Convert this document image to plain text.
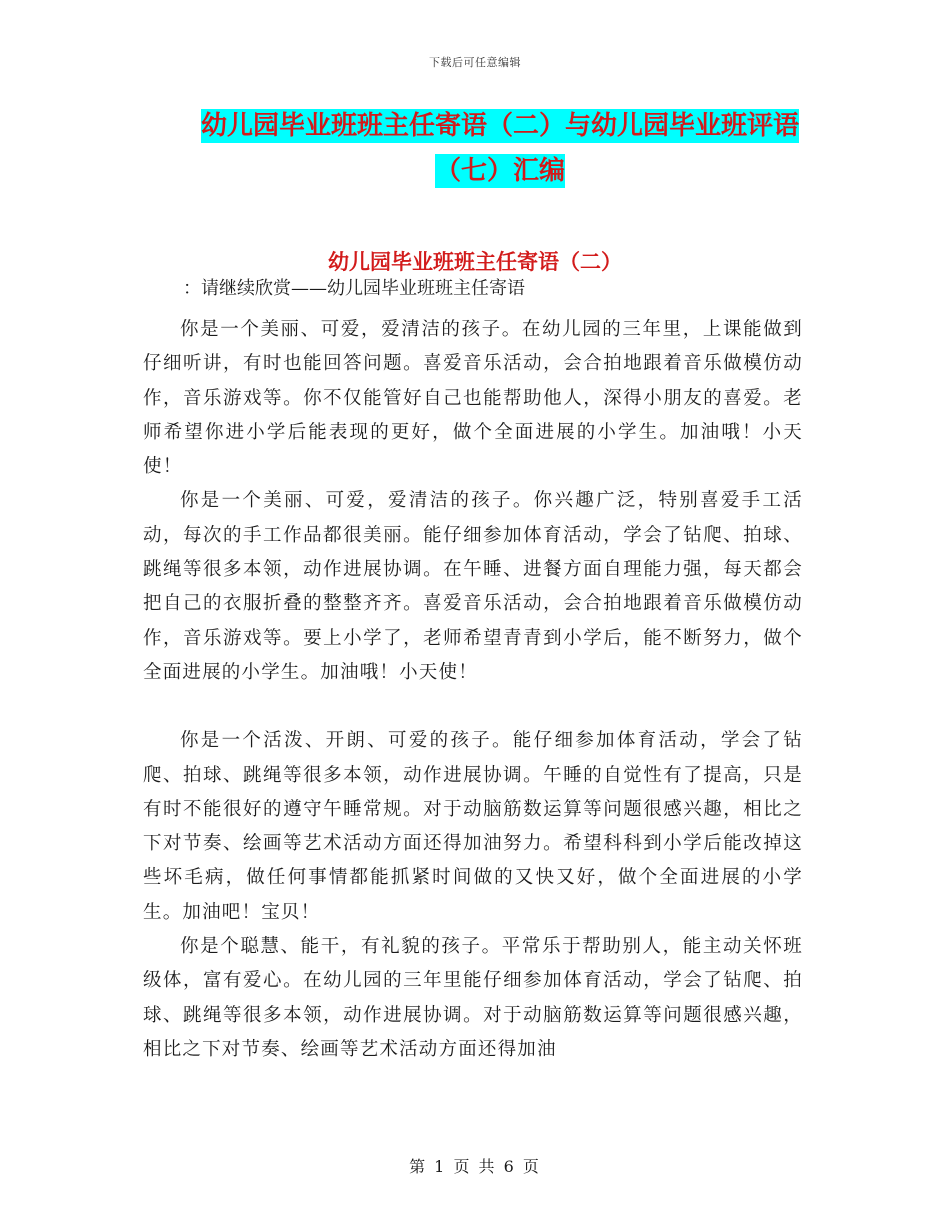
下载后可任意编辑
幼儿园毕业班班主任寄语（二）与幼儿园毕业班评语
（七）汇编
幼儿园毕业班班主任寄语（二）
：请继续欣赏——幼儿园毕业班班主任寄语

你是一个美丽、可爱，爱清洁的孩子。在幼儿园的三年里，上课能做到仔细听讲，有时也能回答问题。喜爱音乐活动，会合拍地跟着音乐做模仿动作，音乐游戏等。你不仅能管好自己也能帮助他人，深得小朋友的喜爱。老师希望你进小学后能表现的更好，做个全面进展的小学生。加油哦！小天使！

你是一个美丽、可爱，爱清洁的孩子。你兴趣广泛，特别喜爱手工活动，每次的手工作品都很美丽。能仔细参加体育活动，学会了钻爬、拍球、跳绳等很多本领，动作进展协调。在午睡、进餐方面自理能力强，每天都会把自己的衣服折叠的整整齐齐。喜爱音乐活动，会合拍地跟着音乐做模仿动作，音乐游戏等。要上小学了，老师希望青青到小学后，能不断努力，做个全面进展的小学生。加油哦！小天使！

你是一个活泼、开朗、可爱的孩子。能仔细参加体育活动，学会了钻爬、拍球、跳绳等很多本领，动作进展协调。午睡的自觉性有了提高，只是有时不能很好的遵守午睡常规。对于动脑筋数运算等问题很感兴趣，相比之下对节奏、绘画等艺术活动方面还得加油努力。希望科科到小学后能改掉这些坏毛病，做任何事情都能抓紧时间做的又快又好，做个全面进展的小学生。加油吧！宝贝！

你是个聪慧、能干，有礼貌的孩子。平常乐于帮助别人，能主动关怀班级体，富有爱心。在幼儿园的三年里能仔细参加体育活动，学会了钻爬、拍球、跳绳等很多本领，动作进展协调。对于动脑筋数运算等问题很感兴趣，相比之下对节奏、绘画等艺术活动方面还得加油

第 1 页 共 6 页
